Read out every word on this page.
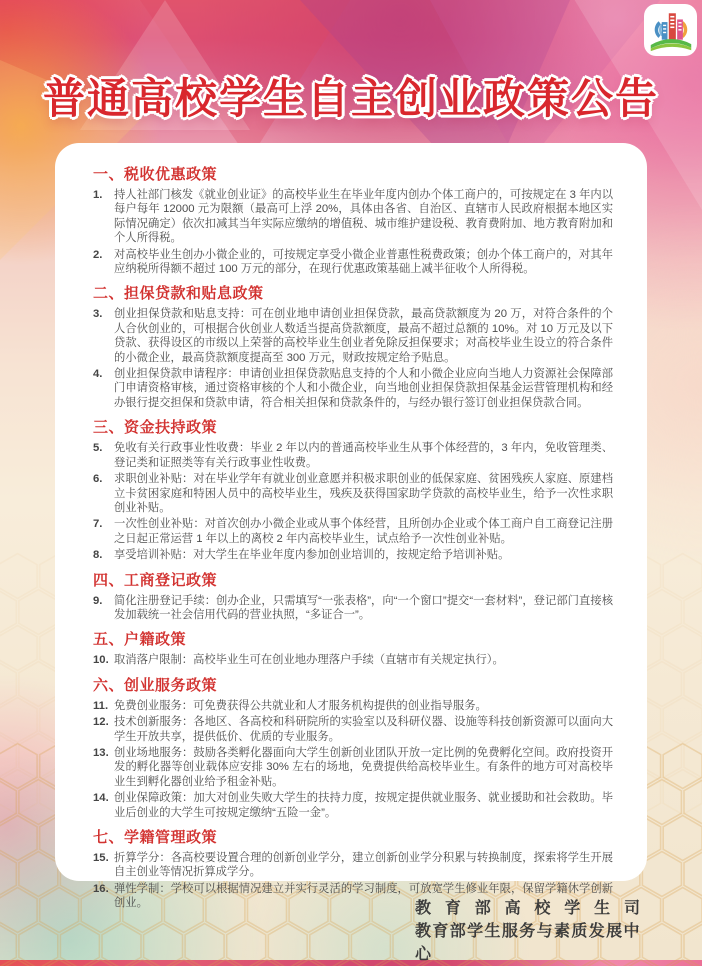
普通高校学生自主创业政策公告
一、税收优惠政策
1.	持人社部门核发《就业创业证》的高校毕业生在毕业年度内创办个体工商户的，可按规定在 3 年内以每户每年 12000 元为限额（最高可上浮 20%，具体由各省、自治区、直辖市人民政府根据本地区实际情况确定）依次扣减其当年实际应缴纳的增值税、城市维护建设税、教育费附加、地方教育附加和个人所得税。
2.	对高校毕业生创办小微企业的，可按规定享受小微企业普惠性税费政策；创办个体工商户的，对其年应纳税所得额不超过 100 万元的部分，在现行优惠政策基础上减半征收个人所得税。
二、担保贷款和贴息政策
3.	创业担保贷款和贴息支持：可在创业地申请创业担保贷款，最高贷款额度为 20 万，对符合条件的个人合伙创业的，可根据合伙创业人数适当提高贷款额度，最高不超过总额的 10%。对 10 万元及以下贷款、获得设区的市级以上荣誉的高校毕业生创业者免除反担保要求；对高校毕业生设立的符合条件的小微企业，最高贷款额度提高至 300 万元，财政按规定给予贴息。
4.	创业担保贷款申请程序：申请创业担保贷款贴息支持的个人和小微企业应向当地人力资源社会保障部门申请资格审核，通过资格审核的个人和小微企业，向当地创业担保贷款担保基金运营管理机构和经办银行提交担保和贷款申请，符合相关担保和贷款条件的，与经办银行签订创业担保贷款合同。
三、资金扶持政策
5.	免收有关行政事业性收费：毕业 2 年以内的普通高校毕业生从事个体经营的，3 年内，免收管理类、登记类和证照类等有关行政事业性收费。
6.	求职创业补贴：对在毕业学年有就业创业意愿并积极求职创业的低保家庭、贫困残疾人家庭、原建档立卡贫困家庭和特困人员中的高校毕业生，残疾及获得国家助学贷款的高校毕业生，给予一次性求职创业补贴。
7.	一次性创业补贴：对首次创办小微企业或从事个体经营，且所创办企业或个体工商户自工商登记注册之日起正常运营 1 年以上的离校 2 年内高校毕业生，试点给予一次性创业补贴。
8.	享受培训补贴：对大学生在毕业年度内参加创业培训的，按规定给予培训补贴。
四、工商登记政策
9.	简化注册登记手续：创办企业，只需填写“一张表格”，向“一个窗口”提交“一套材料”，登记部门直接核发加载统一社会信用代码的营业执照，“多证合一”。
五、户籍政策
10. 取消落户限制：高校毕业生可在创业地办理落户手续（直辖市有关规定执行）。
六、创业服务政策
11. 免费创业服务：可免费获得公共就业和人才服务机构提供的创业指导服务。
12. 技术创新服务：各地区、各高校和科研院所的实验室以及科研仪器、设施等科技创新资源可以面向大学生开放共享，提供低价、优质的专业服务。
13. 创业场地服务：鼓励各类孵化器面向大学生创新创业团队开放一定比例的免费孵化空间。政府投资开发的孵化器等创业载体应安排 30% 左右的场地，免费提供给高校毕业生。有条件的地方可对高校毕业生到孵化器创业给予租金补贴。
14. 创业保障政策：加大对创业失败大学生的扶持力度，按规定提供就业服务、就业援助和社会救助。毕业后创业的大学生可按规定缴纳“五险一金”。
七、学籍管理政策
15. 折算学分：各高校要设置合理的创新创业学分，建立创新创业学分积累与转换制度，探索将学生开展自主创业等情况折算成学分。
16. 弹性学制：学校可以根据情况建立并实行灵活的学习制度，可放宽学生修业年限，保留学籍休学创新创业。	教育部高校学生司
教育部学生服务与素质发展中心
